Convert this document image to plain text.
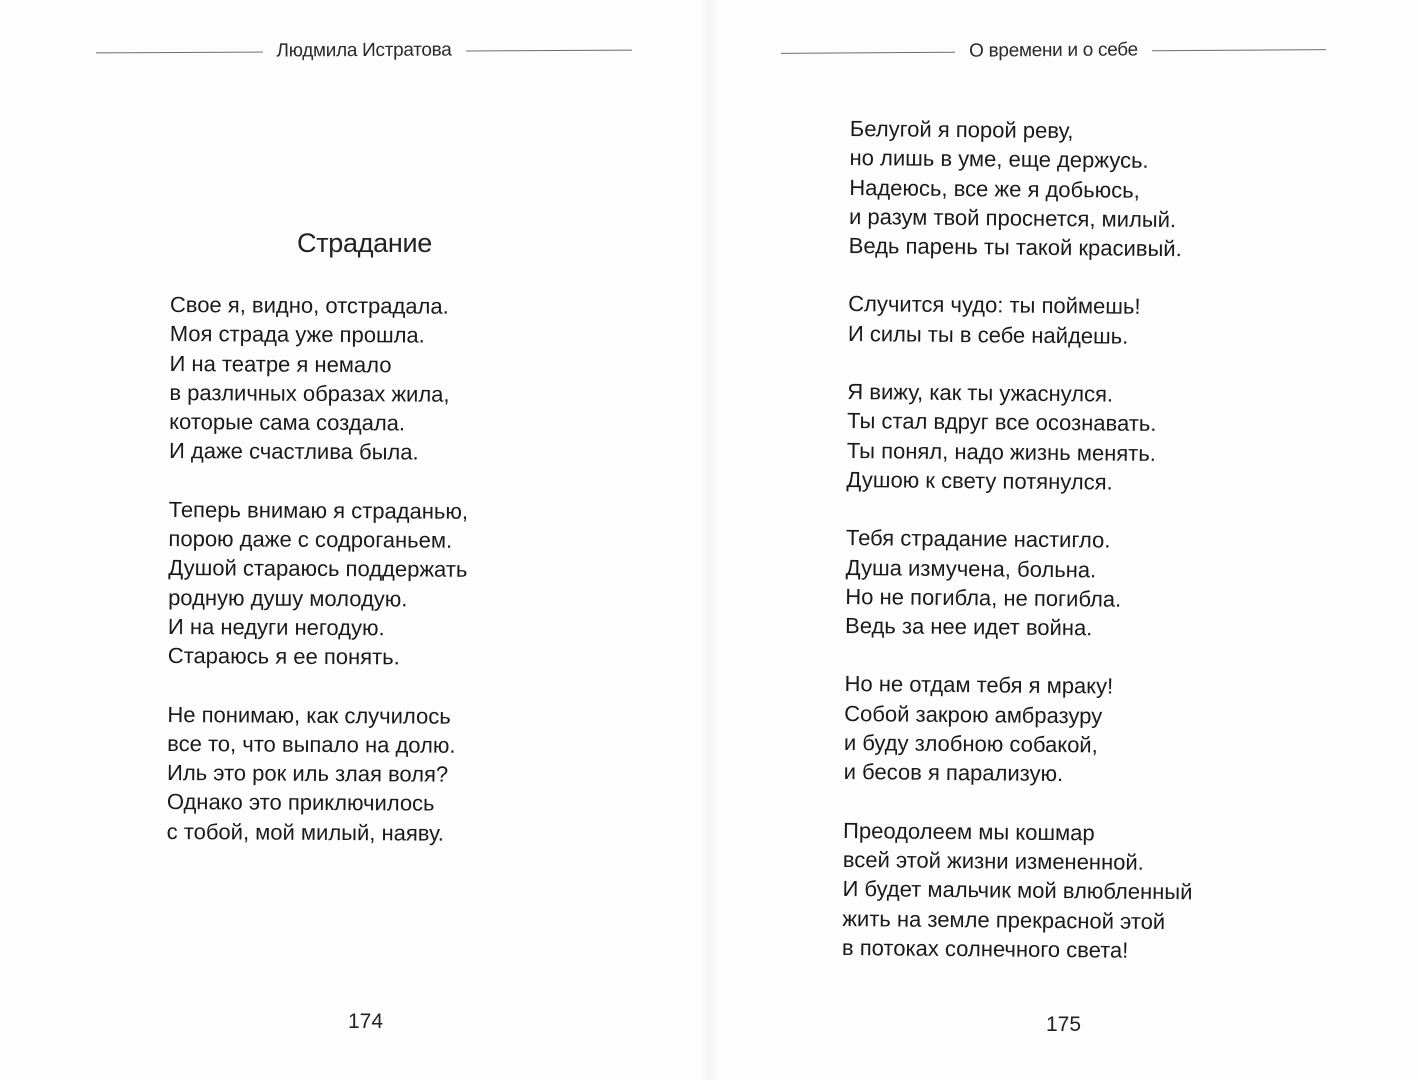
Людмила Истратова
Страдание
Свое я, видно, отстрадала.
Моя страда уже прошла.
И на театре я немало
в различных образах жила,
которые сама создала.
И даже счастлива была.
Теперь внимаю я страданью,
порою даже с содроганьем.
Душой стараюсь поддержать
родную душу молодую.
И на недуги негодую.
Стараюсь я ее понять.
Не понимаю, как случилось
все то, что выпало на долю.
Иль это рок иль злая воля?
Однако это приключилось
с тобой, мой милый, наяву.
174
О времени и о себе
Белугой я порой реву,
но лишь в уме, еще держусь.
Надеюсь, все же я добьюсь,
и разум твой проснется, милый.
Ведь парень ты такой красивый.
Случится чудо: ты поймешь!
И силы ты в себе найдешь.
Я вижу, как ты ужаснулся.
Ты стал вдруг все осознавать.
Ты понял, надо жизнь менять.
Душою к свету потянулся.
Тебя страдание настигло.
Душа измучена, больна.
Но не погибла, не погибла.
Ведь за нее идет война.
Но не отдам тебя я мраку!
Собой закрою амбразуру
и буду злобною собакой,
и бесов я парализую.
Преодолеем мы кошмар
всей этой жизни измененной.
И будет мальчик мой влюбленный
жить на земле прекрасной этой
в потоках солнечного света!
175
